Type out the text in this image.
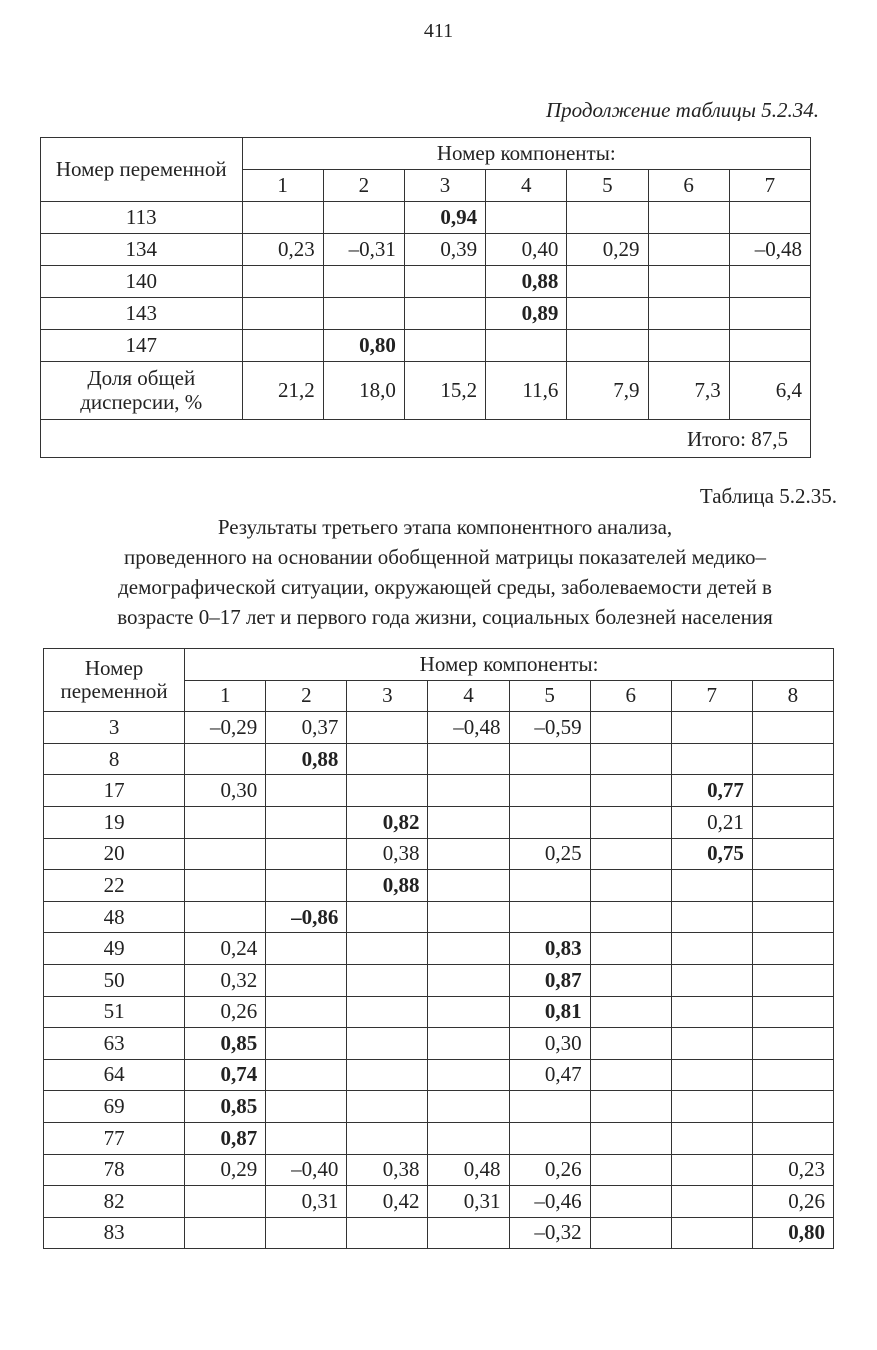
411
Продолжение таблицы 5.2.34.
Номер переменной	Номер компоненты:						
	1	2	3	4	5	6	7
113			0,94				
134	0,23	–0,31	0,39	0,40	0,29		–0,48
140				0,88			
143				0,89			
147		0,80					
Доля общей дисперсии, %	21,2	18,0	15,2	11,6	7,9	7,3	6,4
Итого: 87,5							
Таблица 5.2.35.
Результаты третьего этапа компонентного анализа,
проведенного на основании обобщенной матрицы показателей медико–
демографической ситуации, окружающей среды, заболеваемости детей в
возрасте 0–17 лет и первого года жизни, социальных болезней населения
Номер переменной	Номер компоненты:							
	1	2	3	4	5	6	7	8
3	–0,29	0,37		–0,48	–0,59			
8		0,88						
17	0,30						0,77	
19			0,82				0,21	
20			0,38		0,25		0,75	
22			0,88					
48		–0,86						
49	0,24				0,83			
50	0,32				0,87			
51	0,26				0,81			
63	0,85				0,30			
64	0,74				0,47			
69	0,85							
77	0,87							
78	0,29	–0,40	0,38	0,48	0,26			0,23
82		0,31	0,42	0,31	–0,46			0,26
83					–0,32			0,80
